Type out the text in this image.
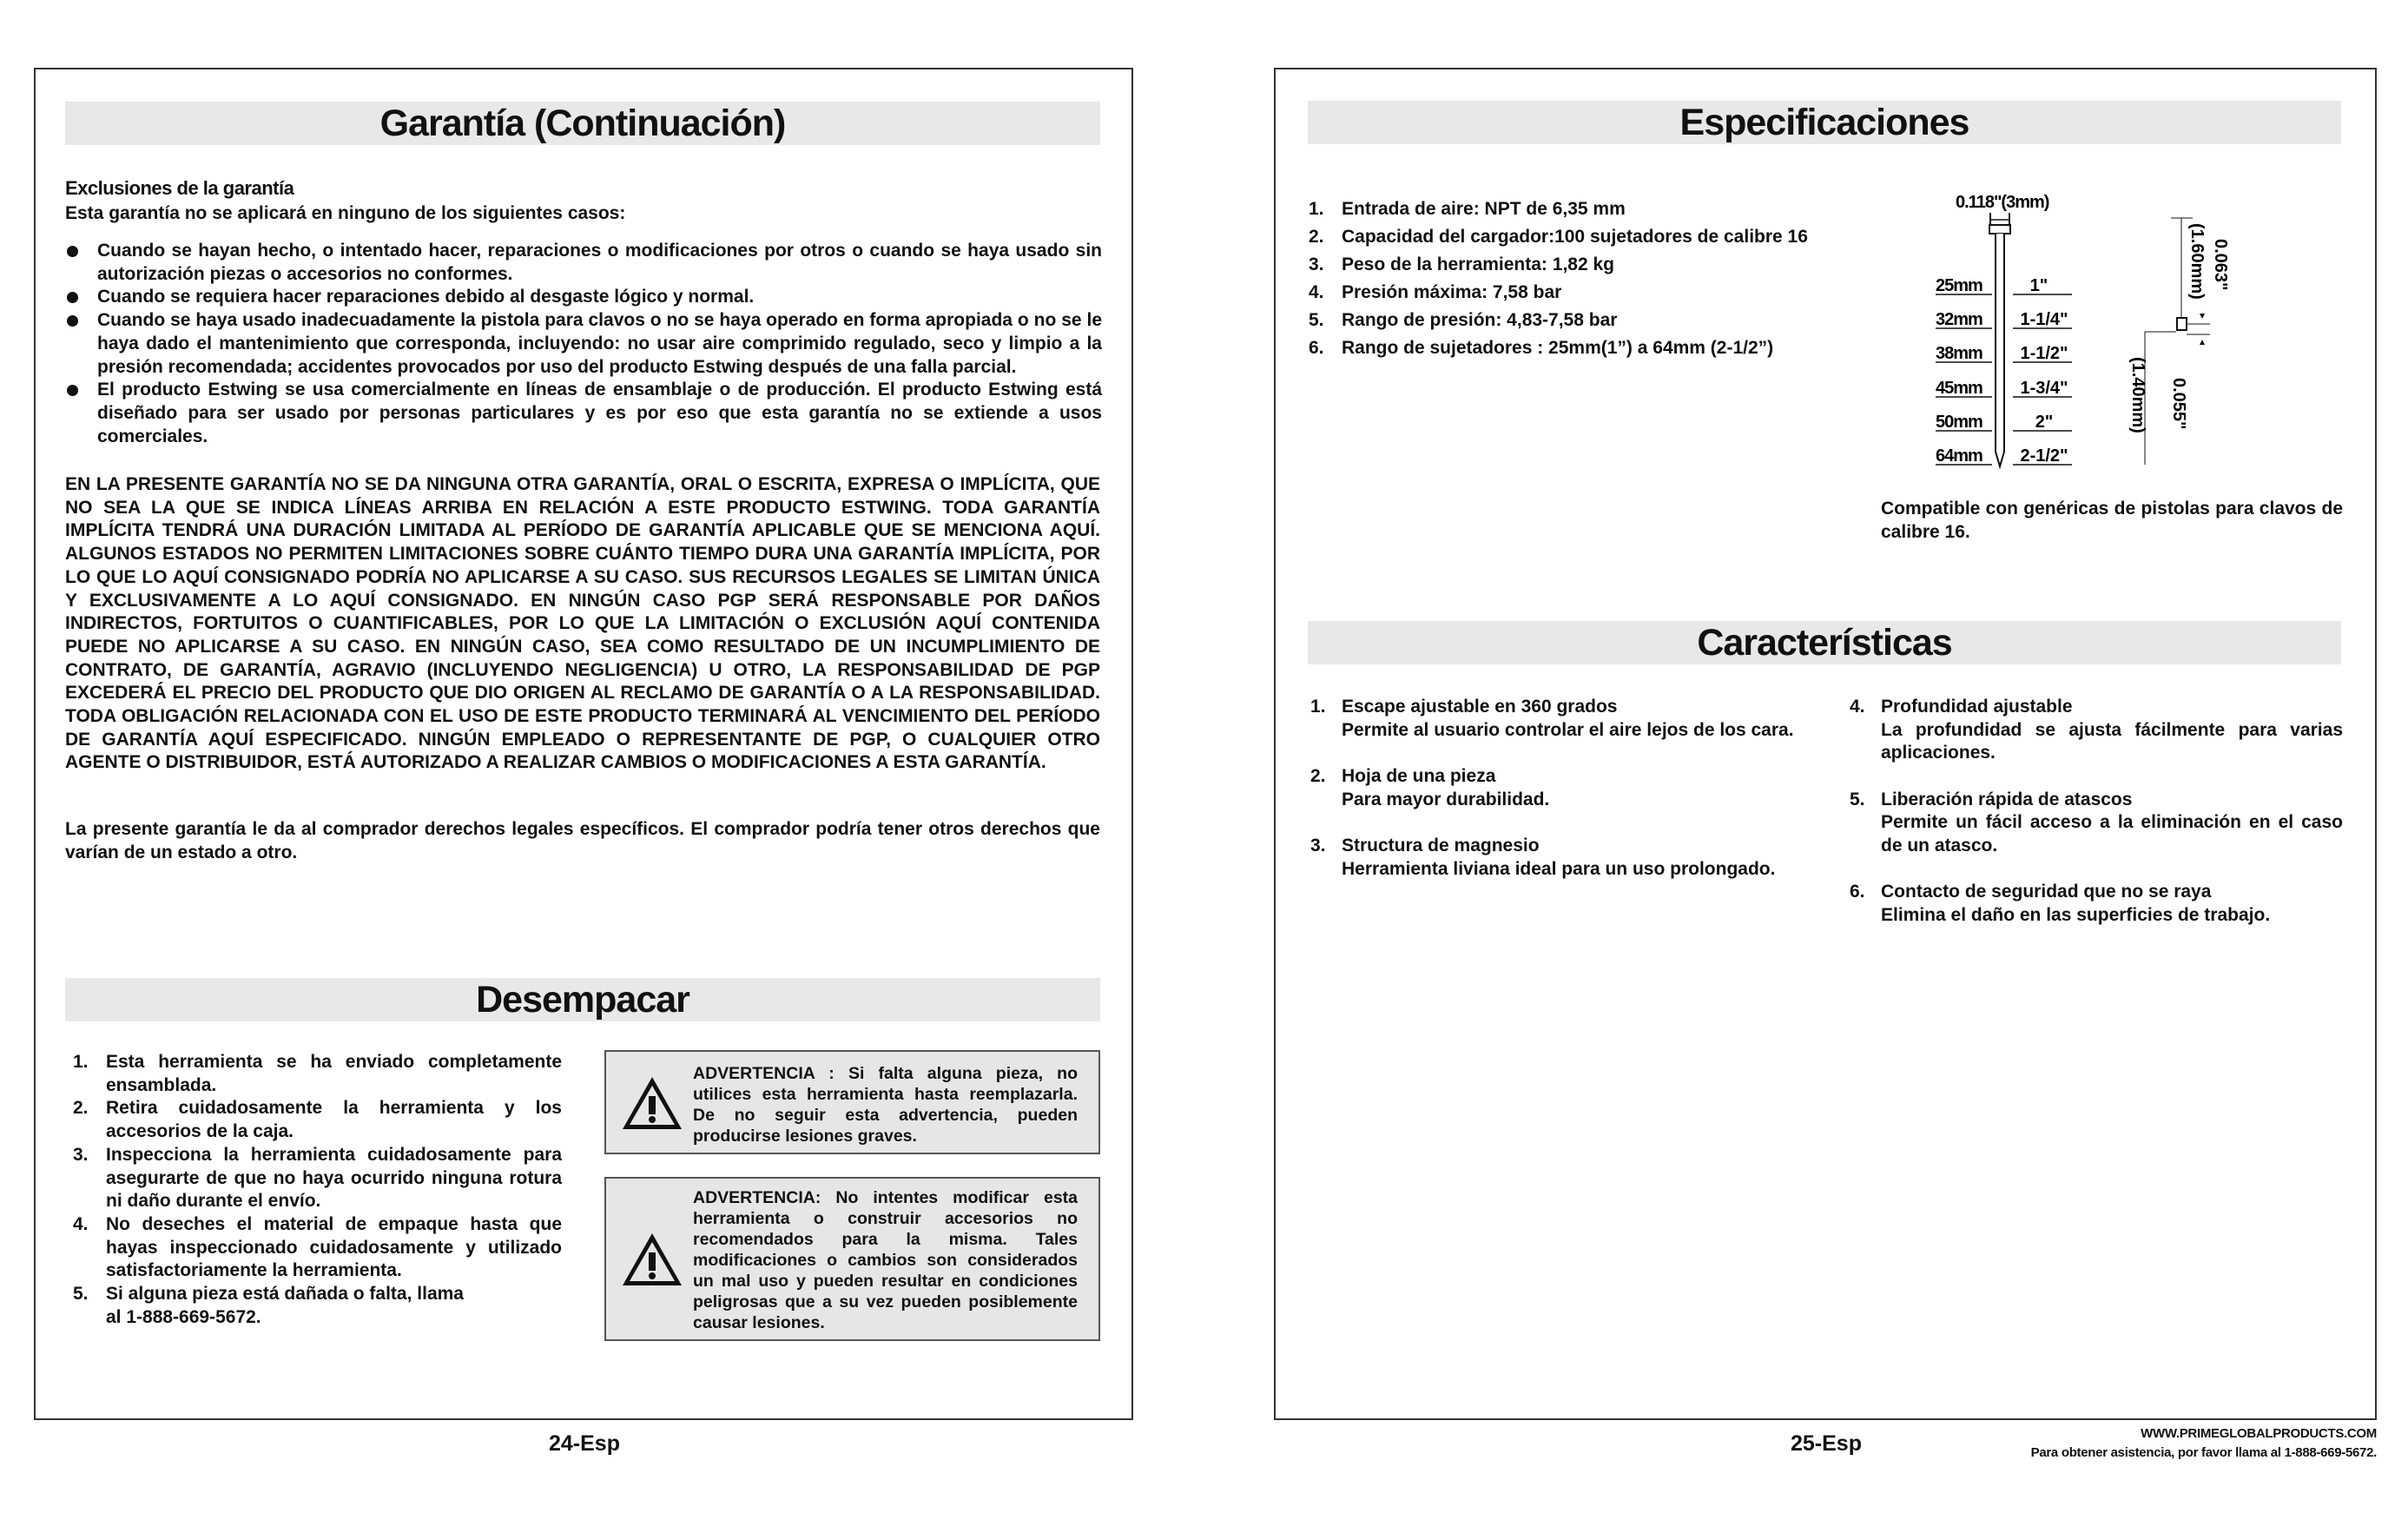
Garantía (Continuación)
Exclusiones de la garantía
Esta garantía no se aplicará en ninguno de los siguientes casos:
Cuando se hayan hecho, o intentado hacer, reparaciones o modificaciones por otros o cuando se haya usado sin autorización piezas o accesorios no conformes.
Cuando se requiera hacer reparaciones debido al desgaste lógico y normal.
Cuando se haya usado inadecuadamente la pistola para clavos o no se haya operado en forma apropiada o no se le haya dado el mantenimiento que corresponda, incluyendo: no usar aire comprimido regulado, seco y limpio a la presión recomendada; accidentes provocados por uso del producto Estwing después de una falla parcial.
El producto Estwing se usa comercialmente en líneas de ensamblaje o de producción. El producto Estwing está diseñado para ser usado por personas particulares y es por eso que esta garantía no se extiende a usos comerciales.
EN LA PRESENTE GARANTÍA NO SE DA NINGUNA OTRA GARANTÍA, ORAL O ESCRITA, EXPRESA O IMPLÍCITA, QUE NO SEA LA QUE SE INDICA LÍNEAS ARRIBA EN RELACIÓN A ESTE PRODUCTO ESTWING. TODA GARANTÍA IMPLÍCITA TENDRÁ UNA DURACIÓN LIMITADA AL PERÍODO DE GARANTÍA APLICABLE QUE SE MENCIONA AQUÍ. ALGUNOS ESTADOS NO PERMITEN LIMITACIONES SOBRE CUÁNTO TIEMPO DURA UNA GARANTÍA IMPLÍCITA, POR LO QUE LO AQUÍ CONSIGNADO PODRÍA NO APLICARSE A SU CASO. SUS RECURSOS LEGALES SE LIMITAN ÚNICA Y EXCLUSIVAMENTE A LO AQUÍ CONSIGNADO. EN NINGÚN CASO PGP SERÁ RESPONSABLE POR DAÑOS INDIRECTOS, FORTUITOS O CUANTIFICABLES, POR LO QUE LA LIMITACIÓN O EXCLUSIÓN AQUÍ CONTENIDA PUEDE NO APLICARSE A SU CASO. EN NINGÚN CASO, SEA COMO RESULTADO DE UN INCUMPLIMIENTO DE CONTRATO, DE GARANTÍA, AGRAVIO (INCLUYENDO NEGLIGENCIA) U OTRO, LA RESPONSABILIDAD DE PGP EXCEDERÁ EL PRECIO DEL PRODUCTO QUE DIO ORIGEN AL RECLAMO DE GARANTÍA O A LA RESPONSABILIDAD. TODA OBLIGACIÓN RELACIONADA CON EL USO DE ESTE PRODUCTO TERMINARÁ AL VENCIMIENTO DEL PERÍODO DE GARANTÍA AQUÍ ESPECIFICADO. NINGÚN EMPLEADO O REPRESENTANTE DE PGP, O CUALQUIER OTRO AGENTE O DISTRIBUIDOR, ESTÁ AUTORIZADO A REALIZAR CAMBIOS O MODIFICACIONES A ESTA GARANTÍA.
La presente garantía le da al comprador derechos legales específicos. El comprador podría tener otros derechos que varían de un estado a otro.
Desempacar
1. Esta herramienta se ha enviado completamente ensamblada.
2. Retira cuidadosamente la herramienta y los accesorios de la caja.
3. Inspecciona la herramienta cuidadosamente para asegurarte de que no haya ocurrido ninguna rotura ni daño durante el envío.
4. No deseches el material de empaque hasta que hayas inspeccionado cuidadosamente y utilizado satisfactoriamente la herramienta.
5. Si alguna pieza está dañada o falta, llama al 1-888-669-5672.
ADVERTENCIA : Si falta alguna pieza, no utilices esta herramienta hasta reemplazarla. De no seguir esta advertencia, pueden producirse lesiones graves.
ADVERTENCIA: No intentes modificar esta herramienta o construir accesorios no recomendados para la misma. Tales modificaciones o cambios son considerados un mal uso y pueden resultar en condiciones peligrosas que a su vez pueden posiblemente causar lesiones.
24-Esp
Especificaciones
1. Entrada de aire: NPT de 6,35 mm
2. Capacidad del cargador:100 sujetadores de calibre 16
3. Peso de la herramienta: 1,82 kg
4. Presión máxima: 7,58 bar
5. Rango de presión: 4,83-7,58 bar
6. Rango de sujetadores : 25mm(1”) a 64mm (2-1/2”)
0.118"(3mm)
25mm	1"
32mm 1-1/4"
38mm 1-1/2"
45mm 1-3/4"
50mm	2"
64mm 2-1/2"
0.063"
(1.60mm)
0.055"
(1.40mm)
Compatible con genéricas de pistolas para clavos de calibre 16.
Características
1. Escape ajustable en 360 grados
Permite al usuario controlar el aire lejos de los cara.
2. Hoja de una pieza
Para mayor durabilidad.
3. Structura de magnesio
Herramienta liviana ideal para un uso prolongado.
4. Profundidad ajustable
La profundidad se ajusta fácilmente para varias aplicaciones.
5. Liberación rápida de atascos
Permite un fácil acceso a la eliminación en el caso de un atasco.
6. Contacto de seguridad que no se raya
Elimina el daño en las superficies de trabajo.
25-Esp	WWW.PRIMEGLOBALPRODUCTS.COM
Para obtener asistencia, por favor llama al 1-888-669-5672.
